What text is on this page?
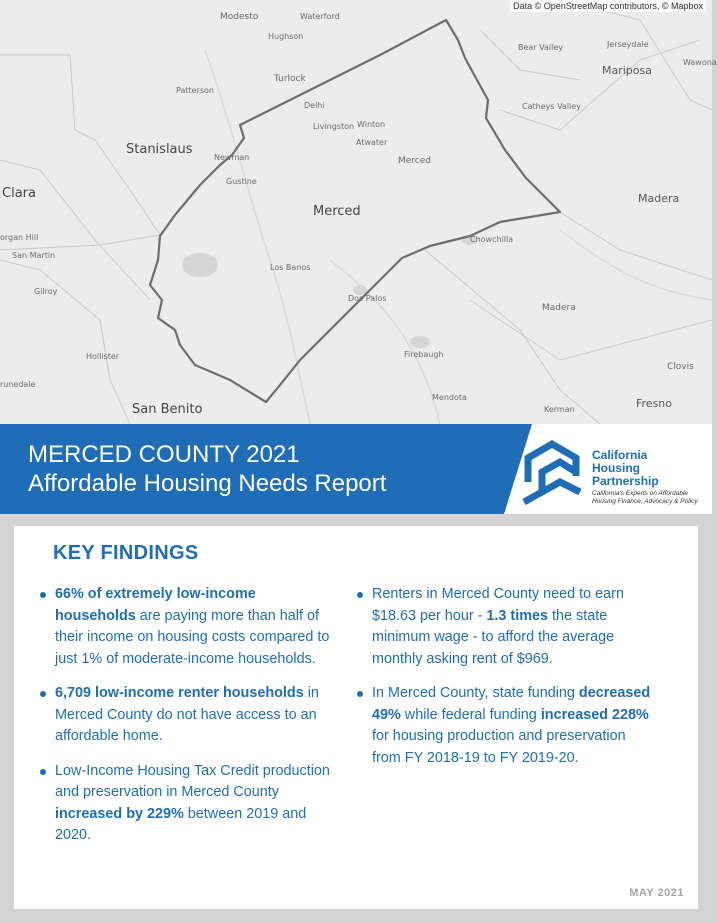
Data © OpenStreetMap contributors, © Mapbox
Modesto	Waterford
Hughson
Turlock
Patterson
Stanislaus
Delhi
Livingston Winton
Atwater
Merced
Newman
Gustine
Merced
Clara
organ Hill
San Martin
Gilroy
Los Banos
Chowchilla
Dos Palos
Madera
Madera
Hollister	Firebaugh
Clovis
runedale
San Benito
Mendota
Kerman	Fresno
Mariposa
Bear Valley	Jerseydale
Wawona
Catheys Valley
MERCED COUNTY 2021
Affordable Housing Needs Report
California
Housing
Partnership
California's Experts on Affordable Housing Finance, Advocacy & Policy
KEY FINDINGS
66% of extremely low-income households are paying more than half of their income on housing costs compared to just 1% of moderate-income households.
6,709 low-income renter households in Merced County do not have access to an affordable home.
Low-Income Housing Tax Credit production and preservation in Merced County increased by 229% between 2019 and 2020.
Renters in Merced County need to earn $18.63 per hour - 1.3 times the state minimum wage - to afford the average monthly asking rent of $969.
In Merced County, state funding decreased 49% while federal funding increased 228% for housing production and preservation from FY 2018-19 to FY 2019-20.
MAY 2021
